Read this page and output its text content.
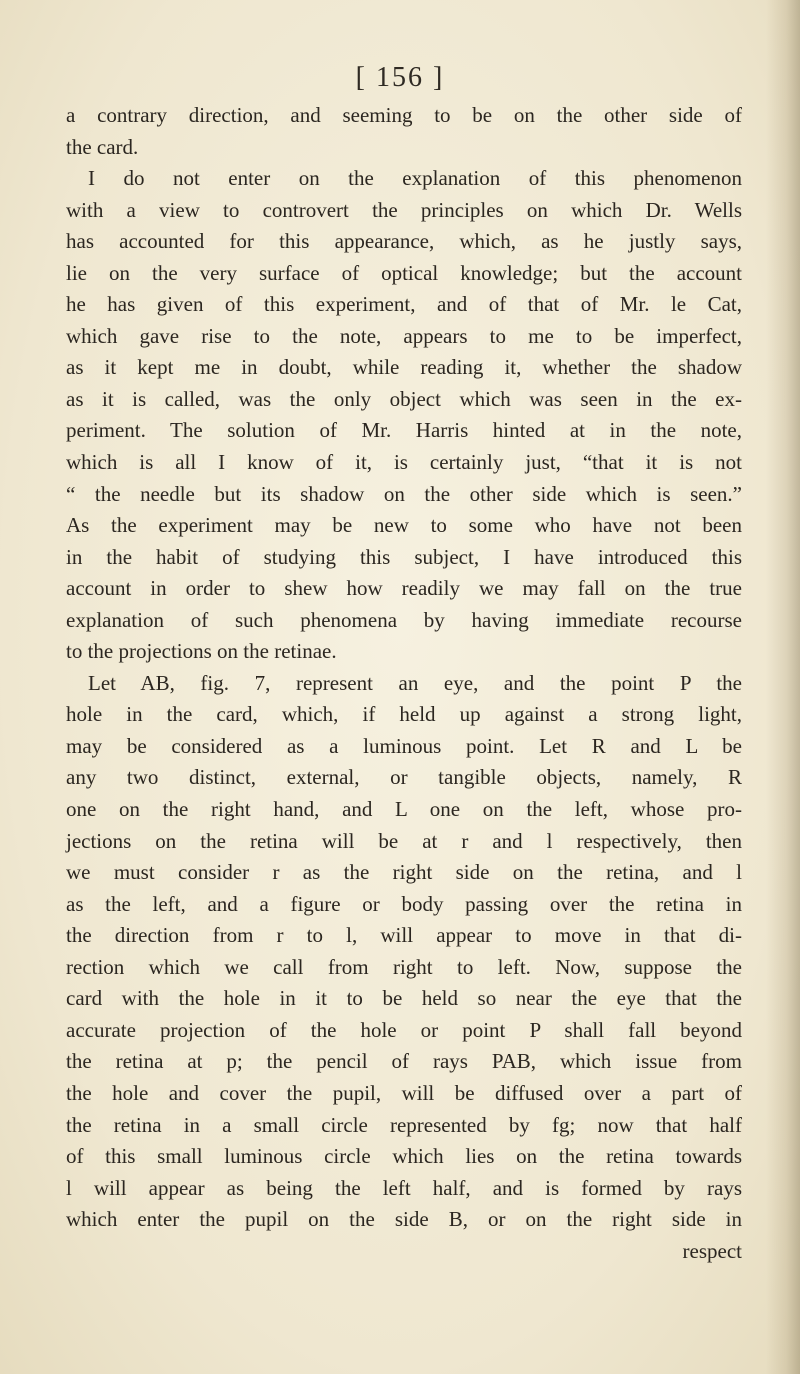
[ 156 ]
a contrary direction, and seeming to be on the other side of
the card.
I do not enter on the explanation of this phenomenon
with a view to controvert the principles on which Dr. Wells
has accounted for this appearance, which, as he justly says,
lie on the very surface of optical knowledge; but the account
he has given of this experiment, and of that of Mr. le Cat,
which gave rise to the note, appears to me to be imperfect,
as it kept me in doubt, while reading it, whether the shadow
as it is called, was the only object which was seen in the ex-
periment. The solution of Mr. Harris hinted at in the note,
which is all I know of it, is certainly just, “that it is not
“ the needle but its shadow on the other side which is seen.”
As the experiment may be new to some who have not been
in the habit of studying this subject, I have introduced this
account in order to shew how readily we may fall on the true
explanation of such phenomena by having immediate recourse
to the projections on the retinae.
Let AB, fig. 7, represent an eye, and the point P the
hole in the card, which, if held up against a strong light,
may be considered as a luminous point. Let R and L be
any two distinct, external, or tangible objects, namely, R
one on the right hand, and L one on the left, whose pro-
jections on the retina will be at r and l respectively, then
we must consider r as the right side on the retina, and l
as the left, and a figure or body passing over the retina in
the direction from r to l, will appear to move in that di-
rection which we call from right to left. Now, suppose the
card with the hole in it to be held so near the eye that the
accurate projection of the hole or point P shall fall beyond
the retina at p; the pencil of rays PAB, which issue from
the hole and cover the pupil, will be diffused over a part of
the retina in a small circle represented by fg; now that half
of this small luminous circle which lies on the retina towards
l will appear as being the left half, and is formed by rays
which enter the pupil on the side B, or on the right side in
respect
